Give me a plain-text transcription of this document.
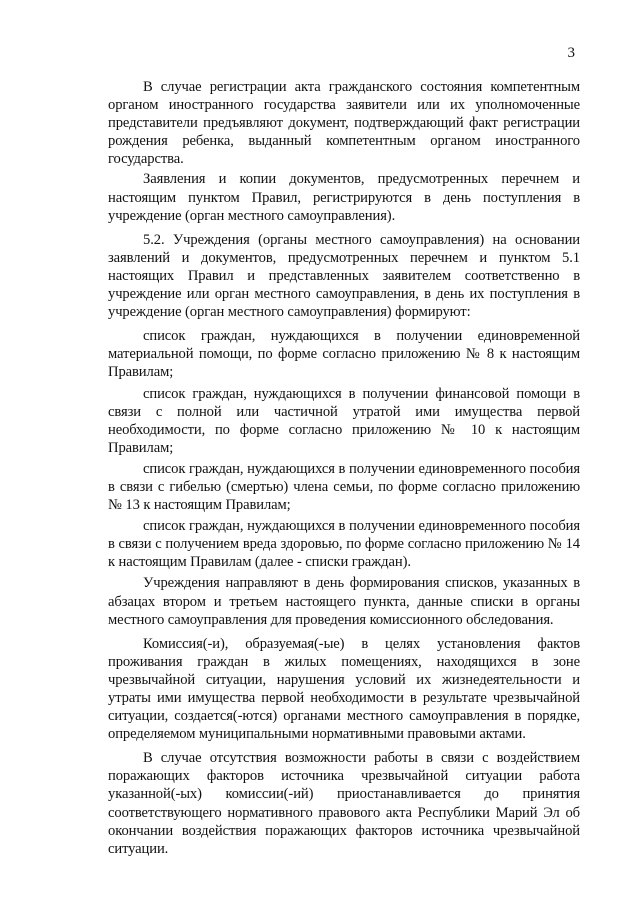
3

В случае регистрации акта гражданского состояния компетентным органом иностранного государства заявители или их уполномоченные представители предъявляют документ, подтверждающий факт регистрации рождения ребенка, выданный компетентным органом иностранного государства.

Заявления и копии документов, предусмотренных перечнем и настоящим пунктом Правил, регистрируются в день поступления в учреждение (орган местного самоуправления).

5.2. Учреждения (органы местного самоуправления) на основании заявлений и документов, предусмотренных перечнем и пунктом 5.1 настоящих Правил и представленных заявителем соответственно в учреждение или орган местного самоуправления, в день их поступления в учреждение (орган местного самоуправления) формируют:

список граждан, нуждающихся в получении единовременной материальной помощи, по форме согласно приложению № 8 к настоящим Правилам;

список граждан, нуждающихся в получении финансовой помощи в связи с полной или частичной утратой ими имущества первой необходимости, по форме согласно приложению № 10 к настоящим Правилам;

список граждан, нуждающихся в получении единовременного пособия в связи с гибелью (смертью) члена семьи, по форме согласно приложению № 13 к настоящим Правилам;

список граждан, нуждающихся в получении единовременного пособия в связи с получением вреда здоровью, по форме согласно приложению № 14 к настоящим Правилам (далее - списки граждан).

Учреждения направляют в день формирования списков, указанных в абзацах втором и третьем настоящего пункта, данные списки в органы местного самоуправления для проведения комиссионного обследования.

Комиссия(-и), образуемая(-ые) в целях установления фактов проживания граждан в жилых помещениях, находящихся в зоне чрезвычайной ситуации, нарушения условий их жизнедеятельности и утраты ими имущества первой необходимости в результате чрезвычайной ситуации, создается(-ются) органами местного самоуправления в порядке, определяемом муниципальными нормативными правовыми актами.

В случае отсутствия возможности работы в связи с воздействием поражающих факторов источника чрезвычайной ситуации работа указанной(-ых) комиссии(-ий) приостанавливается до принятия соответствующего нормативного правового акта Республики Марий Эл об окончании воздействия поражающих факторов источника чрезвычайной ситуации.
